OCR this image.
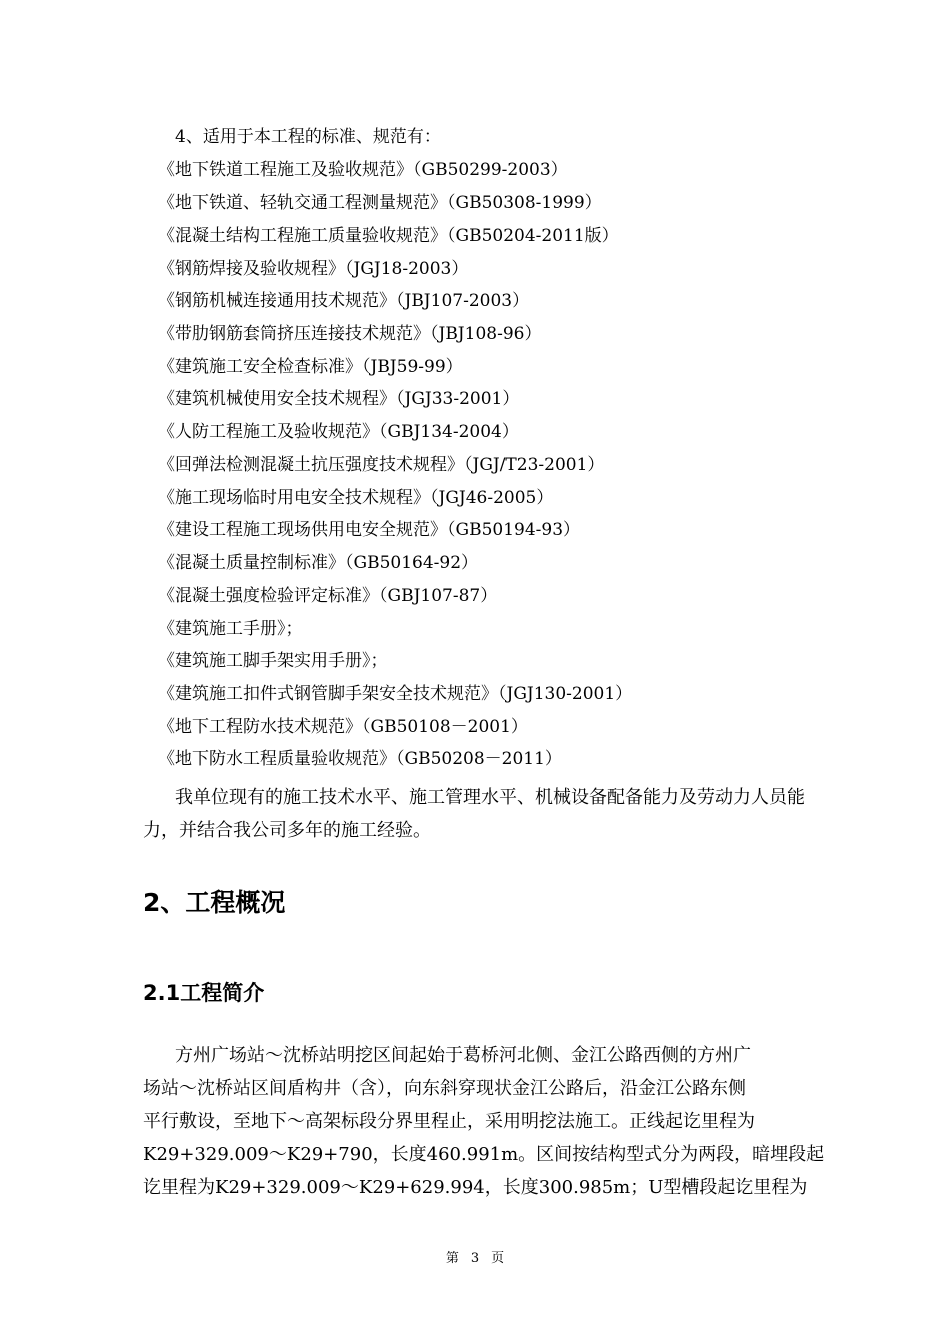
4、适用于本工程的标准、规范有：
《地下铁道工程施工及验收规范》（GB50299-2003）
《地下铁道、轻轨交通工程测量规范》（GB50308-1999）
《混凝土结构工程施工质量验收规范》（GB50204-2011版）
《钢筋焊接及验收规程》（JGJ18-2003）
《钢筋机械连接通用技术规范》（JBJ107-2003）
《带肋钢筋套筒挤压连接技术规范》（JBJ108-96）
《建筑施工安全检查标准》（JBJ59-99）
《建筑机械使用安全技术规程》（JGJ33-2001）
《人防工程施工及验收规范》（GBJ134-2004）
《回弹法检测混凝土抗压强度技术规程》（JGJ/T23-2001）
《施工现场临时用电安全技术规程》（JGJ46-2005）
《建设工程施工现场供用电安全规范》（GB50194-93）
《混凝土质量控制标准》（GB50164-92）
《混凝土强度检验评定标准》（GBJ107-87）
《建筑施工手册》；
《建筑施工脚手架实用手册》；
《建筑施工扣件式钢管脚手架安全技术规范》（JGJ130-2001）
《地下工程防水技术规范》（GB50108－2001）
《地下防水工程质量验收规范》（GB50208－2011）
我单位现有的施工技术水平、施工管理水平、机械设备配备能力及劳动力人员能力，并结合我公司多年的施工经验。
2、工程概况
2.1工程简介
方州广场站～沈桥站明挖区间起始于葛桥河北侧、金江公路西侧的方州广
场站～沈桥站区间盾构井（含），向东斜穿现状金江公路后，沿金江公路东侧
平行敷设，至地下～高架标段分界里程止，采用明挖法施工。正线起讫里程为
K29+329.009～K29+790，长度460.991m。区间按结构型式分为两段，暗埋段起
讫里程为K29+329.009～K29+629.994，长度300.985m；U型槽段起讫里程为
第 3 页
